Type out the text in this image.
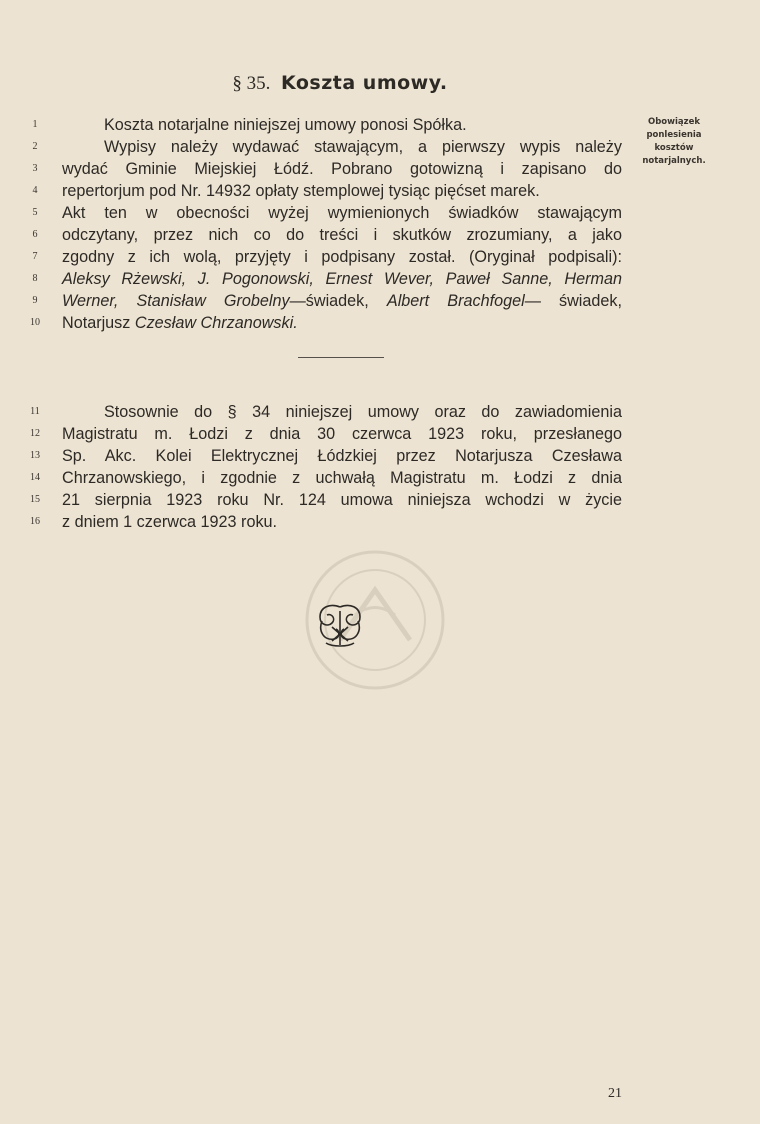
§ 35. Koszta umowy.
Obowiązek ponlesienia kosztów notarjalnych.
1	Koszta notarjalne niniejszej umowy ponosi Spółka.
2	Wypisy należy wydawać stawającym, a pierwszy wypis należy
3	wydać Gminie Miejskiej Łódź. Pobrano gotowizną i zapisano do
4	repertorjum pod Nr. 14932 opłaty stemplowej tysiąc pięćset marek.
5	Akt ten w obecności wyżej wymienionych świadków stawającym
6	odczytany, przez nich co do treści i skutków zrozumiany, a jako
7	zgodny z ich wolą, przyjęty i podpisany został. (Oryginał podpisali):
8	Aleksy Rżewski, J. Pogonowski, Ernest Wever, Paweł Sanne, Herman
9	Werner, Stanisław Grobelny—świadek, Albert Brachfogel— świadek,
10 Notarjusz Czesław Chrzanowski.
11	Stosownie do § 34 niniejszej umowy oraz do zawiadomienia
12 Magistratu m. Łodzi z dnia 30 czerwca 1923 roku, przesłanego
13 Sp. Akc. Kolei Elektrycznej Łódzkiej przez Notarjusza Czesława
14 Chrzanowskiego, i zgodnie z uchwałą Magistratu m. Łodzi z dnia
15 21 sierpnia 1923 roku Nr. 124 umowa niniejsza wchodzi w życie
16 z dniem 1 czerwca 1923 roku.
21
